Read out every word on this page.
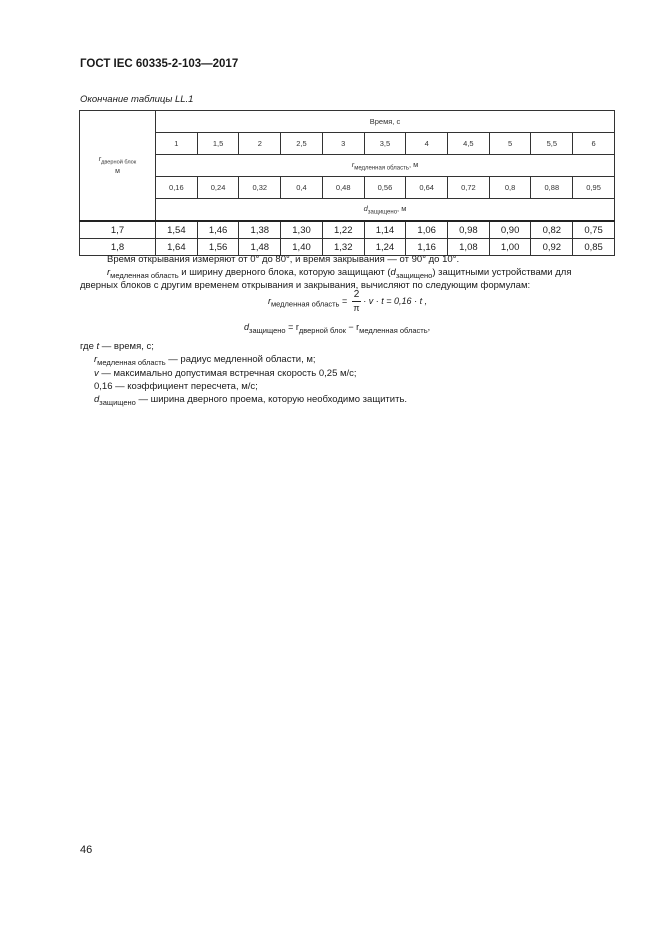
ГОСТ IEC 60335-2-103—2017
Окончание таблицы LL.1
$r_{дверной блок}$
м	Время, с										
	1	1,5	2	2,5	3	3,5	4	4,5	5	5,5	6
	$r_{медленная область}$, м										
	0,16	0,24	0,32	0,4	0,48	0,56	0,64	0,72	0,8	0,88	0,95
	$d_{защищено}$, м										
1,7	1,54	1,46	1,38	1,30	1,22	1,14	1,06	0,98	0,90	0,82	0,75
1,8	1,64	1,56	1,48	1,40	1,32	1,24	1,16	1,08	1,00	0,92	0,85
Время открывания измеряют от 0° до 80°, и время закрывания — от 90° до 10°.
$r_{медленная область}$ и ширину дверного блока, которую защищают $(d_{защищено})$ защитными устройствами для
дверных блоков с другим временем открывания и закрывания, вычисляют по следующим формулам:
$r_{медленная область} = \frac{2}{\pi} \cdot v \cdot t = 0,16 \cdot t$ ,
$d_{защищено} = r_{дверной блок} - r_{медленная область}$,
где t — время, с;
$r_{медленная область}$ — радиус медленной области, м;
v — максимально допустимая встречная скорость 0,25 м/с;
0,16 — коэффициент пересчета, м/с;
$d_{защищено}$ — ширина дверного проема, которую необходимо защитить.
46
